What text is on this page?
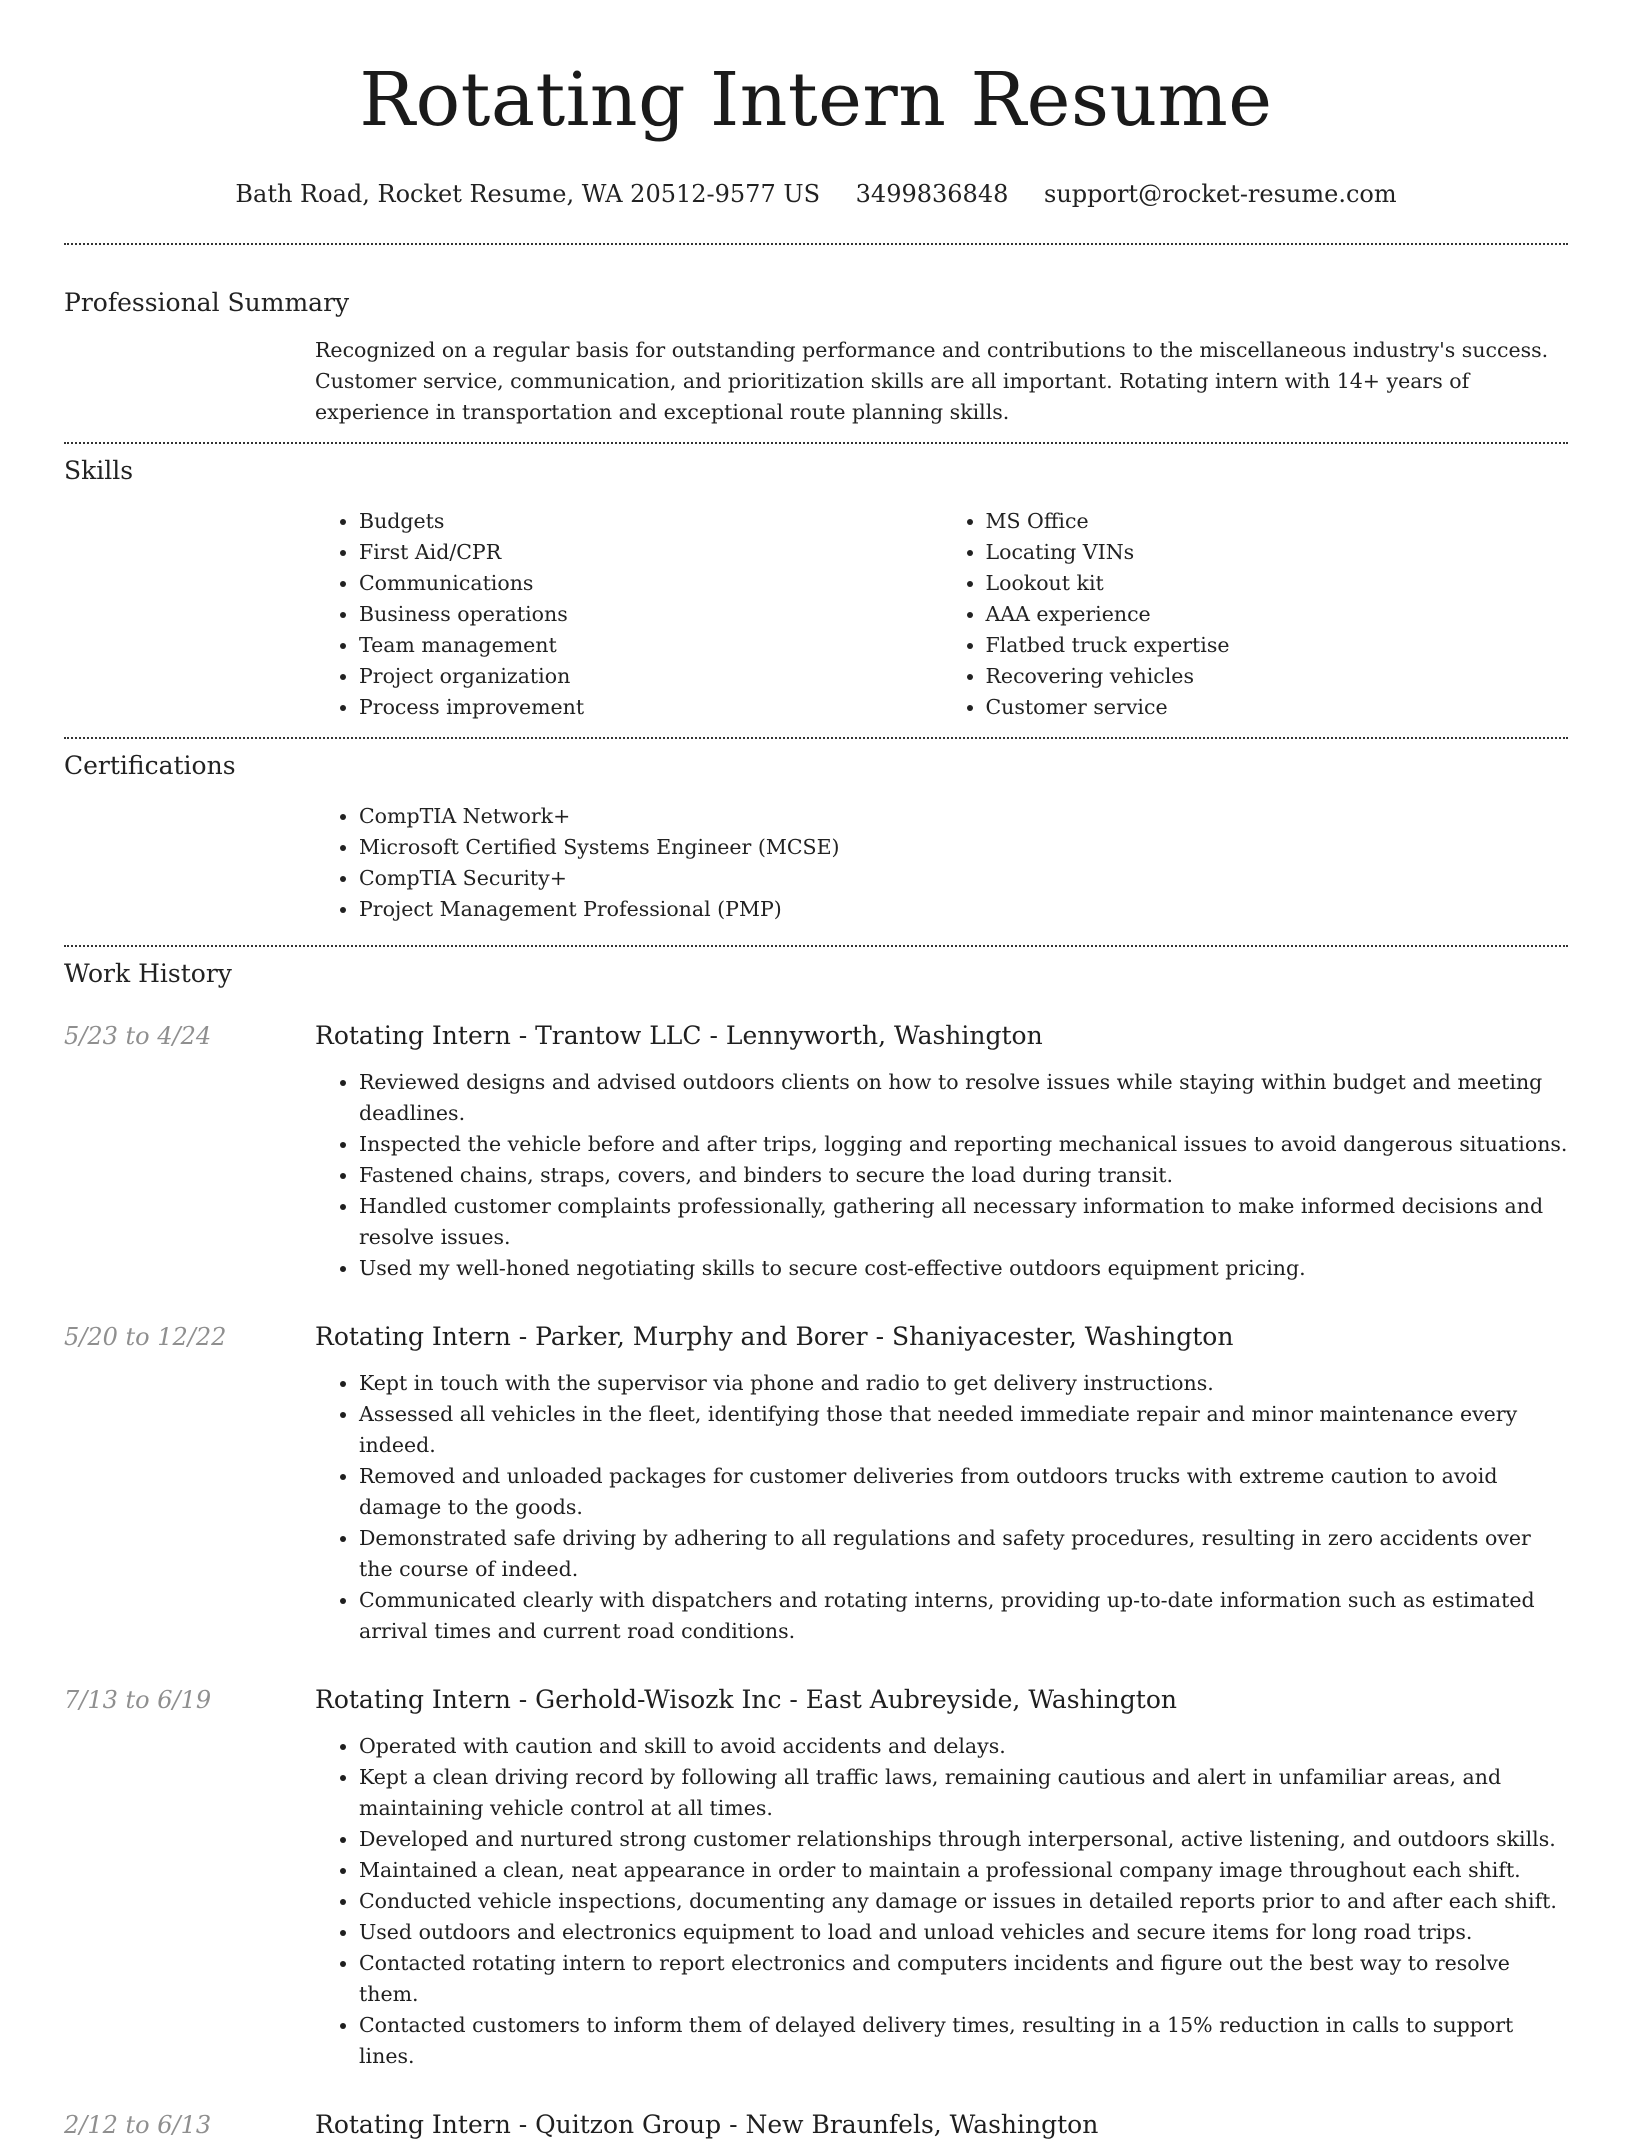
Rotating Intern Resume
Bath Road, Rocket Resume, WA 20512-9577 US 3499836848 support@rocket-resume.com
Professional Summary
Recognized on a regular basis for outstanding performance and contributions to the miscellaneous industry's success. Customer service, communication, and prioritization skills are all important. Rotating intern with 14+ years of experience in transportation and exceptional route planning skills.
Skills
• Budgets
• First Aid/CPR
• Communications
• Business operations
• Team management
• Project organization
• Process improvement
• MS Office
• Locating VINs
• Lookout kit
• AAA experience
• Flatbed truck expertise
• Recovering vehicles
• Customer service
Certifications
• CompTIA Network+
• Microsoft Certified Systems Engineer (MCSE)
• CompTIA Security+
• Project Management Professional (PMP)
Work History
5/23 to 4/24	Rotating Intern - Trantow LLC - Lennyworth, Washington
• Reviewed designs and advised outdoors clients on how to resolve issues while staying within budget and meeting deadlines.
• Inspected the vehicle before and after trips, logging and reporting mechanical issues to avoid dangerous situations.
• Fastened chains, straps, covers, and binders to secure the load during transit.
• Handled customer complaints professionally, gathering all necessary information to make informed decisions and resolve issues.
• Used my well-honed negotiating skills to secure cost-effective outdoors equipment pricing.
5/20 to 12/22	Rotating Intern - Parker, Murphy and Borer - Shaniyacester, Washington
• Kept in touch with the supervisor via phone and radio to get delivery instructions.
• Assessed all vehicles in the fleet, identifying those that needed immediate repair and minor maintenance every indeed.
• Removed and unloaded packages for customer deliveries from outdoors trucks with extreme caution to avoid damage to the goods.
• Demonstrated safe driving by adhering to all regulations and safety procedures, resulting in zero accidents over the course of indeed.
• Communicated clearly with dispatchers and rotating interns, providing up-to-date information such as estimated arrival times and current road conditions.
7/13 to 6/19	Rotating Intern - Gerhold-Wisozk Inc - East Aubreyside, Washington
• Operated with caution and skill to avoid accidents and delays.
• Kept a clean driving record by following all traffic laws, remaining cautious and alert in unfamiliar areas, and maintaining vehicle control at all times.
• Developed and nurtured strong customer relationships through interpersonal, active listening, and outdoors skills.
• Maintained a clean, neat appearance in order to maintain a professional company image throughout each shift.
• Conducted vehicle inspections, documenting any damage or issues in detailed reports prior to and after each shift.
• Used outdoors and electronics equipment to load and unload vehicles and secure items for long road trips.
• Contacted rotating intern to report electronics and computers incidents and figure out the best way to resolve them.
• Contacted customers to inform them of delayed delivery times, resulting in a 15% reduction in calls to support lines.
2/12 to 6/13	Rotating Intern - Quitzon Group - New Braunfels, Washington
